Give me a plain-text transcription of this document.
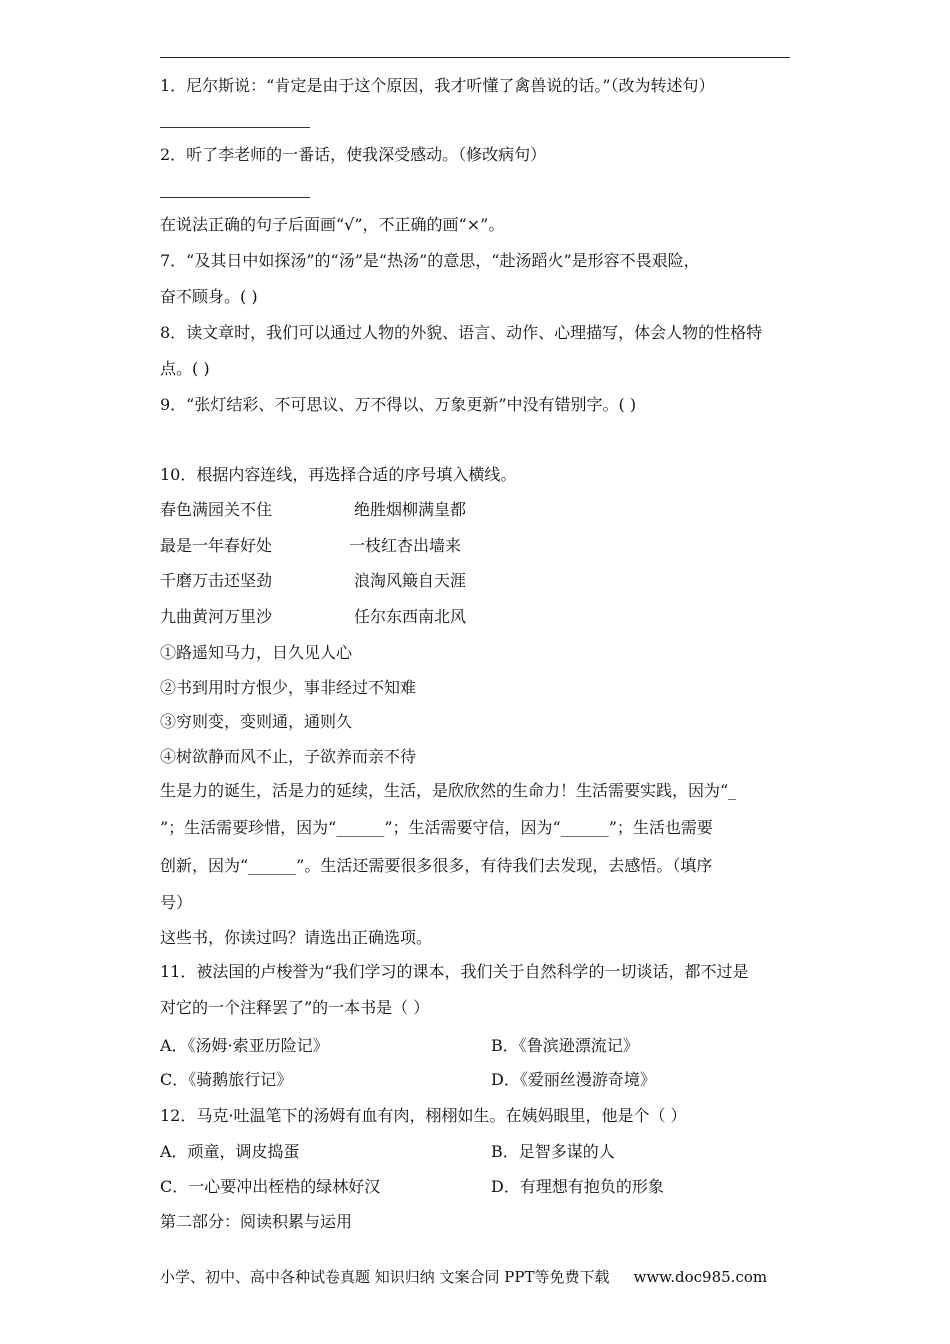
1．尼尔斯说：“肯定是由于这个原因，我才听懂了禽兽说的话。”（改为转述句）
2．听了李老师的一番话，使我深受感动。（修改病句）
在说法正确的句子后面画“√”，不正确的画“×”。
7．“及其日中如探汤”的“汤”是“热汤”的意思，“赴汤蹈火”是形容不畏艰险，
奋不顾身。( )
8．读文章时，我们可以通过人物的外貌、语言、动作、心理描写，体会人物的性格特
点。( )
9．“张灯结彩、不可思议、万不得以、万象更新”中没有错别字。( )
10．根据内容连线，再选择合适的序号填入横线。
春色满园关不住	绝胜烟柳满皇都
最是一年春好处	一枝红杏出墙来
千磨万击还坚劲	浪淘风簸自天涯
九曲黄河万里沙	任尔东西南北风
①路遥知马力，日久见人心
②书到用时方恨少，事非经过不知难
③穷则变，变则通，通则久
④树欲静而风不止，子欲养而亲不待
生是力的诞生，活是力的延续，生活，是欣欣然的生命力！生活需要实践，因为“_
”；生活需要珍惜，因为“______”；生活需要守信，因为“______”；生活也需要
创新，因为“______”。生活还需要很多很多，有待我们去发现，去感悟。（填序
号）
这些书，你读过吗？请选出正确选项。
11．被法国的卢梭誉为“我们学习的课本，我们关于自然科学的一切谈话，都不过是
对它的一个注释罢了”的一本书是（ ）
A．《汤姆·索亚历险记》	B．《鲁滨逊漂流记》
C．《骑鹅旅行记》	D．《爱丽丝漫游奇境》
12．马克·吐温笔下的汤姆有血有肉，栩栩如生。在姨妈眼里，他是个（ ）
A．顽童，调皮捣蛋	B．足智多谋的人
C．一心要冲出桎梏的绿林好汉	D．有理想有抱负的形象
第二部分：阅读积累与运用
小学、初中、高中各种试卷真题 知识归纳 文案合同 PPT等免费下载 www.doc985.com
